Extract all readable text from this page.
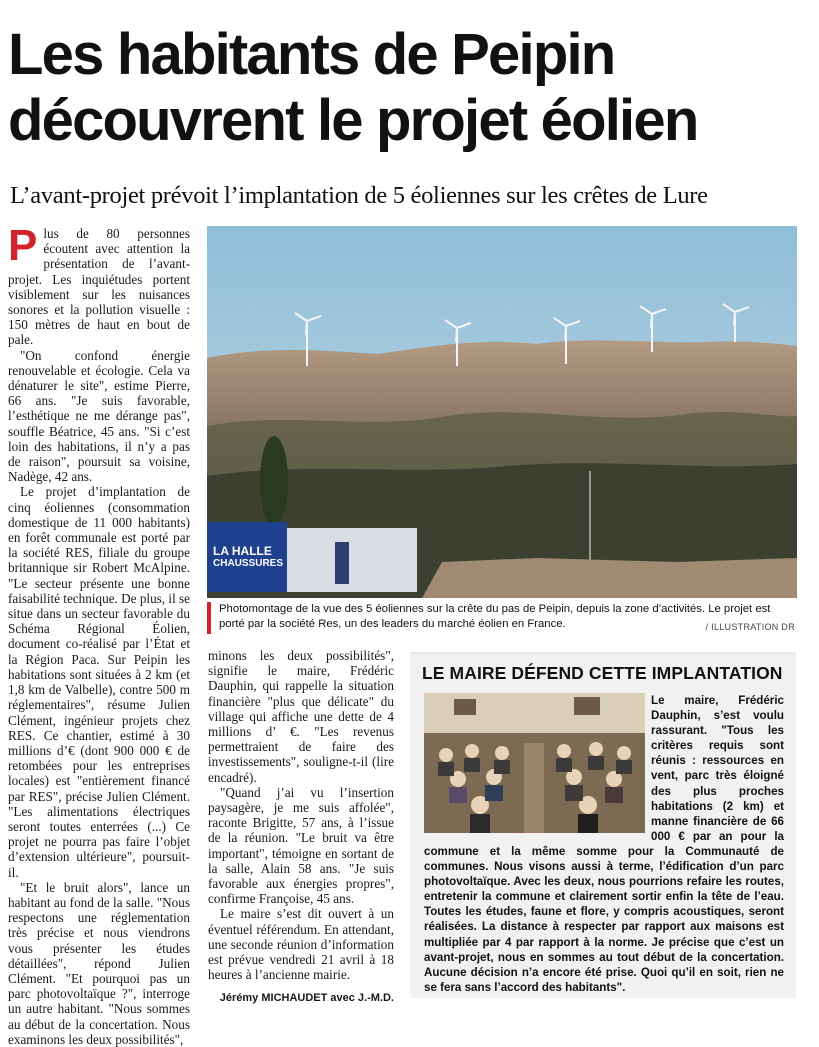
Les habitants de Peipin découvrent le projet éolien
L’avant-projet prévoit l’implantation de 5 éoliennes sur les crêtes de Lure

Plus de 80 personnes écoutent avec attention la présentation de l’avant-projet. Les inquiétudes portent visiblement sur les nuisances sonores et la pollution visuelle : 150 mètres de haut en bout de pale.

"On confond énergie renouvelable et écologie. Cela va dénaturer le site", estime Pierre, 66 ans. "Je suis favorable, l’esthétique ne me dérange pas", souffle Béatrice, 45 ans. "Si c’est loin des habitations, il n’y a pas de raison", poursuit sa voisine, Nadège, 42 ans.

Le projet d’implantation de cinq éoliennes (consommation domestique de 11 000 habitants) en forêt communale est porté par la société RES, filiale du groupe britannique sir Robert McAlpine. "Le secteur présente une bonne faisabilité technique. De plus, il se situe dans un secteur favorable du Schéma Régional Éolien, document co-réalisé par l’État et la Région Paca. Sur Peipin les habitations sont situées à 2 km (et 1,8 km de Valbelle), contre 500 m réglementaires", résume Julien Clément, ingénieur projets chez RES. Ce chantier, estimé à 30 millions d’€ (dont 900 000 € de retombées pour les entreprises locales) est "entièrement financé par RES", précise Julien Clément. "Les alimentations électriques seront toutes enterrées (...) Ce projet ne pourra pas faire l’objet d’extension ultérieure", poursuit-il.

"Et le bruit alors", lance un habitant au fond de la salle. "Nous respectons une réglementation très précise et nous viendrons vous présenter les études détaillées", répond Julien Clément. "Et pourquoi pas un parc photovoltaïque ?", interroge un autre habitant. "Nous sommes au début de la concertation. Nous examinons les deux possibilités",

LA HALLE
CHAUSSURES
Photomontage de la vue des 5 éoliennes sur la crête du pas de Peipin, depuis la zone d’activités. Le projet est porté par la société Res, un des leaders du marché éolien en France.	/ ILLUSTRATION DR

minons les deux possibilités", signifie le maire, Frédéric Dauphin, qui rappelle la situation financière "plus que délicate" du village qui affiche une dette de 4 millions d’ €. "Les revenus permettraient de faire des investissements", souligne-t-il (lire encadré).

"Quand j’ai vu l’insertion paysagère, je me suis affolée", raconte Brigitte, 57 ans, à l’issue de la réunion. "Le bruit va être important", témoigne en sortant de la salle, Alain 58 ans. "Je suis favorable aux énergies propres", confirme Françoise, 45 ans.

Le maire s’est dit ouvert à un éventuel référendum. En attendant, une seconde réunion d’information est prévue vendredi 21 avril à 18 heures à l’ancienne mairie.

Jérémy MICHAUDET avec J.-M.D.
LE MAIRE DÉFEND CETTE IMPLANTATION
Le maire, Frédéric Dauphin, s’est voulu rassurant. "Tous les critères requis sont réunis : ressources en vent, parc très éloigné des plus proches habitations (2 km) et manne financière de 66 000 € par an pour la commune et la même somme pour la Communauté de communes. Nous visons aussi à terme, l’édification d’un parc photovoltaïque. Avec les deux, nous pourrions refaire les routes, entretenir la commune et clairement sortir enfin la tête de l’eau. Toutes les études, faune et flore, y compris acoustiques, seront réalisées. La distance à respecter par rapport aux maisons est multipliée par 4 par rapport à la norme. Je précise que c’est un avant-projet, nous en sommes au tout début de la concertation. Aucune décision n’a encore été prise. Quoi qu’il en soit, rien ne se fera sans l’accord des habitants".
